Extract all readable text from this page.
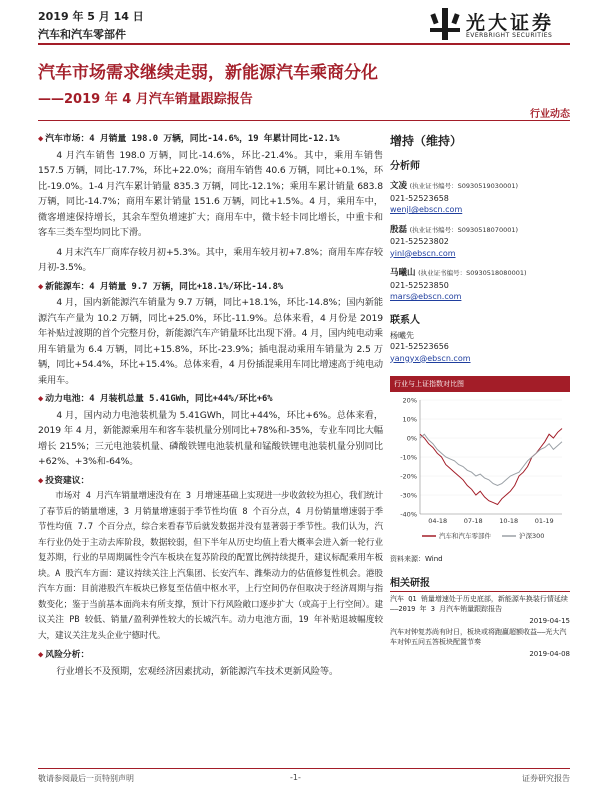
2019 年 5 月 14 日
汽车和汽车零部件
光大证券
EVERBRIGHT SECURITIES
汽车市场需求继续走弱，新能源汽车乘商分化
——2019 年 4 月汽车销量跟踪报告
行业动态
◆ 汽车市场：4 月销量 198.0 万辆，同比-14.6%，19 年累计同比-12.1%
4 月汽车销售 198.0 万辆，同比-14.6%，环比-21.4%。其中，乘用车销售 157.5 万辆，同比-17.7%，环比+22.0%；商用车销售 40.6 万辆，同比+0.1%，环比-19.0%。1-4 月汽车累计销量 835.3 万辆，同比-12.1%；乘用车累计销量 683.8 万辆，同比-14.7%；商用车累计销量 151.6 万辆，同比+1.5%。4 月，乘用车中，微客增速保持增长，其余车型负增速扩大；商用车中，微卡轻卡同比增长，中重卡和客车三类车型均同比下滑。
4 月末汽车厂商库存较月初+5.3%。其中，乘用车较月初+7.8%；商用车库存较月初-3.5%。
◆ 新能源车：4 月销量 9.7 万辆，同比+18.1%/环比-14.8%
4 月，国内新能源汽车销量为 9.7 万辆，同比+18.1%，环比-14.8%；国内新能源汽车产量为 10.2 万辆，同比+25.0%，环比-11.9%。总体来看，4 月份是 2019 年补贴过渡期的首个完整月份，新能源汽车产销量环比出现下滑。4 月，国内纯电动乘用车销量为 6.4 万辆，同比+15.8%，环比-23.9%；插电混动乘用车销量为 2.5 万辆，同比+54.4%，环比+15.4%。总体来看，4 月份插混乘用车同比增速高于纯电动乘用车。
◆ 动力电池：4 月装机总量 5.41GWh，同比+44%/环比+6%
4 月，国内动力电池装机量为 5.41GWh，同比+44%，环比+6%。总体来看，2019 年 4 月，新能源乘用车和客车装机量分别同比+78%和-35%，专业车同比大幅增长 215%；三元电池装机量、磷酸铁锂电池装机量和锰酸铁锂电池装机量分别同比+62%、+3%和-64%。
◆ 投资建议：
市场对 4 月汽车销量增速没有在 3 月增速基础上实现进一步收敛较为担心，我们统计了春节后的销量增速，3 月销量增速弱于季节性均值 8 个百分点，4 月份销量增速弱于季节性均值 7.7 个百分点，综合来看春节后就发数据并没有显著弱于季节性。我们认为，汽车行业仍处于主动去库阶段，数据较弱，但下半年从历史均值上看大概率会进入新一轮行业复苏期，行业的早周期属性令汽车板块在复苏阶段的配置比例持续提升，建议标配乘用车板块。A 股汽车方面：建议持续关注上汽集团、长安汽车、潍柴动力的估值修复性机会。港股汽车方面：目前港股汽车板块已修复至估值中枢水平，上行空间仍存但取决于经济周期与指数变化；鉴于当前基本面尚未有所支撑，预计下行风险敞口逐步扩大（或高于上行空间）。建议关注 PB 较低、销量/盈利弹性较大的长城汽车。动力电池方面，19 年补贴退坡幅度较大，建议关注龙头企业宁德时代。
◆ 风险分析：
行业增长不及预期，宏观经济因素扰动，新能源汽车技术更新风险等。
增持（维持）
分析师
文凌 (执业证书编号：S0930519030001)
021-52523658
wenjl@ebscn.com
殷磊 (执业证书编号：S0930518070001)
021-52523802
yinl@ebscn.com
马曦山 (执业证书编号：S0930518080001)
021-52523850
mars@ebscn.com
联系人
杨曦先
021-52523656
yangyx@ebscn.com
行业与上证指数对比图
20%
10%
0%
-10%
-20%
-30%
-40%
04-18	07-18	10-18	01-19
汽车和汽车零部件	沪深300
资料来源：Wind
相关研报
汽车 Q1 销量增速处于历史底部，新能源车换装行情延续——2019 年 3 月汽车销量跟踪报告
2019-04-15
汽车对钟复苏尚有时日，板块或将跑赢超额收益——光大汽车对钟五问五答板块配置节奏
2019-04-08
敬请参阅最后一页特别声明	-1-	证券研究报告
